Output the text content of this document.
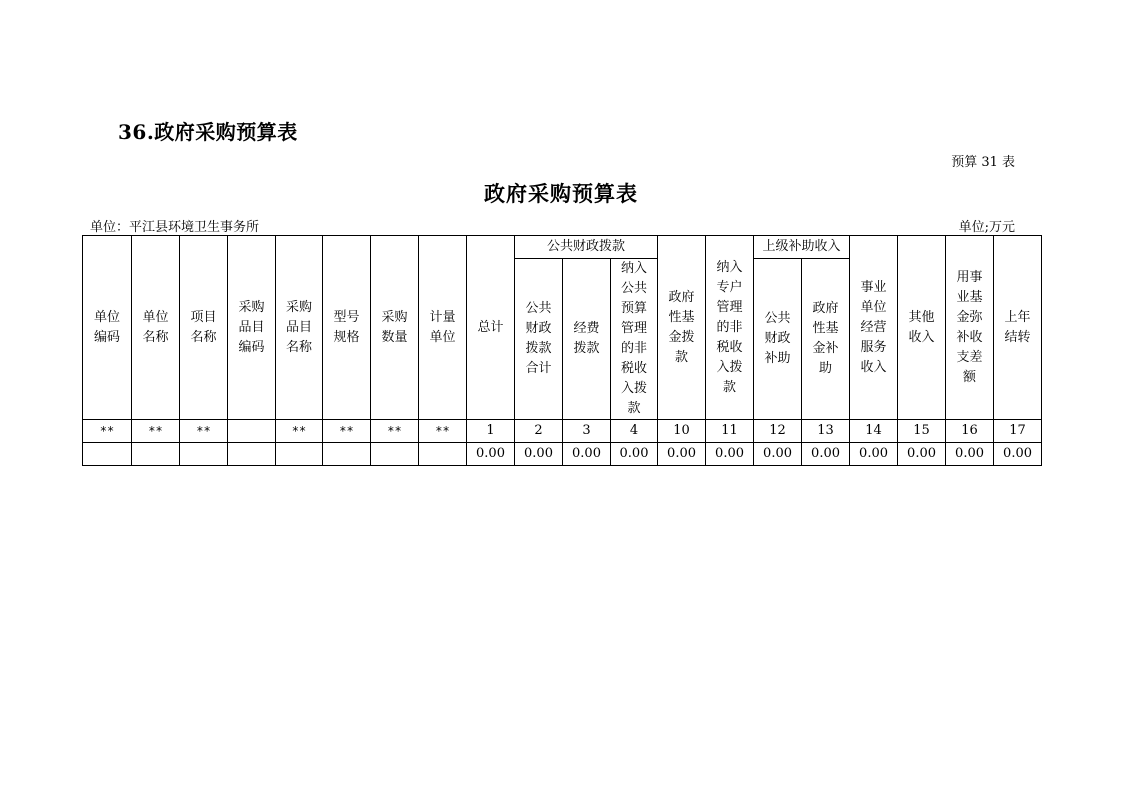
36.政府采购预算表
预算 31 表
政府采购预算表
单位：平江县环境卫生事务所	单位;万元
单位编码	单位名称	项目名称	采购品目编码	采购品目名称	型号规格	采购数量	计量单位	总计	公共财政拨款			政府性基金拨款	纳入专户管理的非税收入拨款	上级补助收入		事业单位经营服务收入	其他收入	用事业基金弥补收支差额	上年结转
									公共财政拨款合计	经费拨款	纳入公共预算管理的非税收入拨款								
														公共财政补助	政府性基金补助				
**	**	**		**	**	**	**	1	2	3	4	10	11	12	13	14	15	16	17
								0.00	0.00	0.00	0.00	0.00	0.00	0.00	0.00	0.00	0.00	0.00	0.00
